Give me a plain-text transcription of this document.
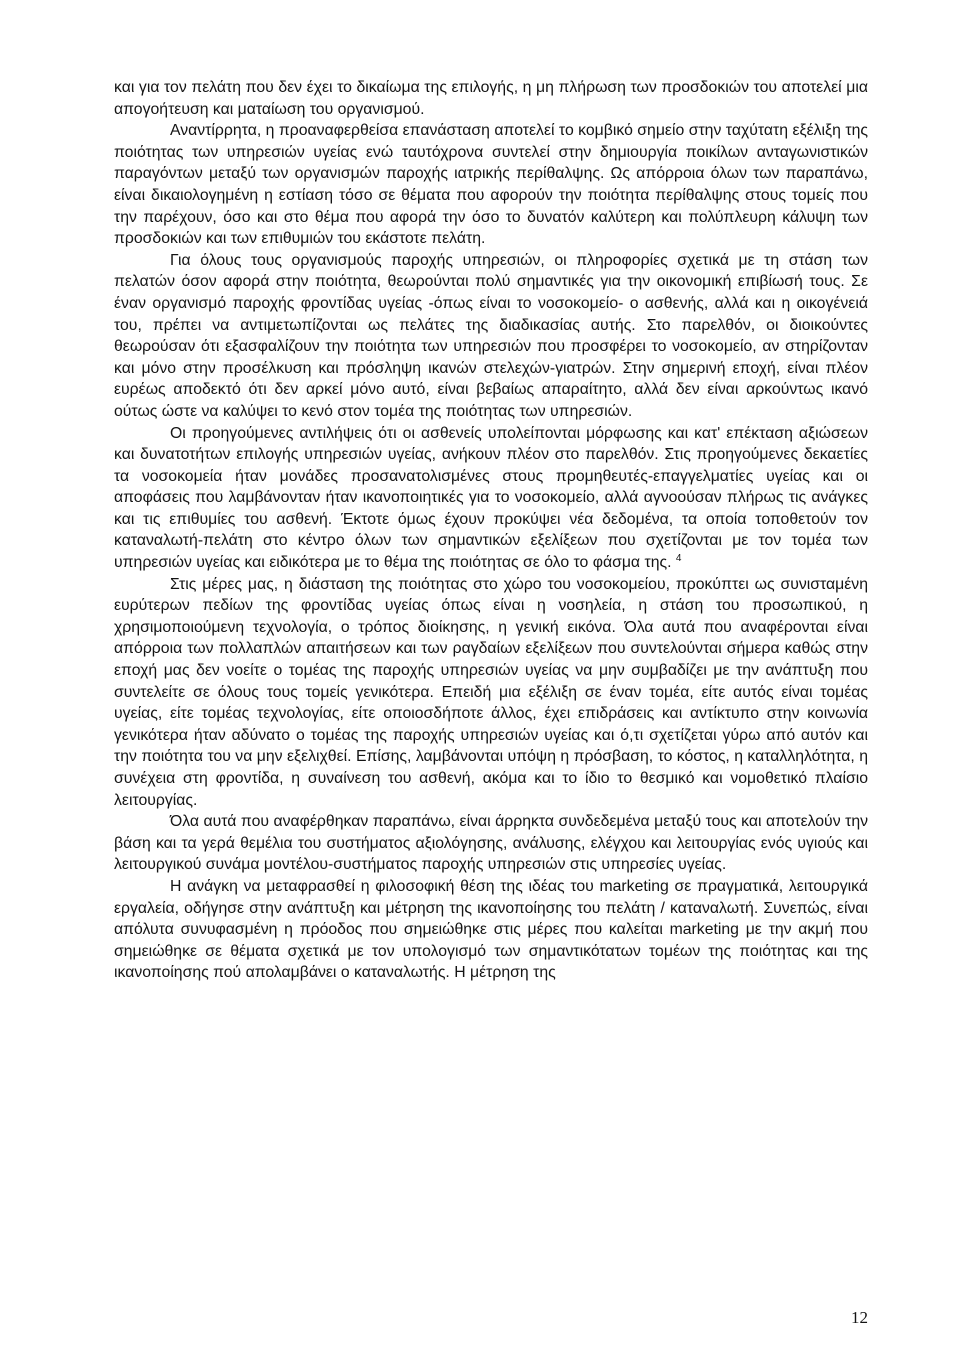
και για τον πελάτη που δεν έχει το δικαίωμα της επιλογής, η μη πλήρωση των προσδοκιών του αποτελεί μια απογοήτευση και ματαίωση του οργανισμού.

Αναντίρρητα, η προαναφερθείσα επανάσταση αποτελεί το κομβικό σημείο στην ταχύτατη εξέλιξη της ποιότητας των υπηρεσιών υγείας ενώ ταυτόχρονα συντελεί στην δημιουργία ποικίλων ανταγωνιστικών παραγόντων μεταξύ των οργανισμών παροχής ιατρικής περίθαλψης. Ως απόρροια όλων των παραπάνω, είναι δικαιολογημένη η εστίαση τόσο σε θέματα που αφορούν την ποιότητα περίθαλψης στους τομείς που την παρέχουν, όσο και στο θέμα που αφορά την όσο το δυνατόν καλύτερη και πολύπλευρη κάλυψη των προσδοκιών και των επιθυμιών του εκάστοτε πελάτη.

Για όλους τους οργανισμούς παροχής υπηρεσιών, οι πληροφορίες σχετικά με τη στάση των πελατών όσον αφορά στην ποιότητα, θεωρούνται πολύ σημαντικές για την οικονομική επιβίωσή τους. Σε έναν οργανισμό παροχής φροντίδας υγείας -όπως είναι το νοσοκομείο- ο ασθενής, αλλά και η οικογένειά του, πρέπει να αντιμετωπίζονται ως πελάτες της διαδικασίας αυτής. Στο παρελθόν, οι διοικούντες θεωρούσαν ότι εξασφαλίζουν την ποιότητα των υπηρεσιών που προσφέρει το νοσοκομείο, αν στηρίζονταν και μόνο στην προσέλκυση και πρόσληψη ικανών στελεχών-γιατρών. Στην σημερινή εποχή, είναι πλέον ευρέως αποδεκτό ότι δεν αρκεί μόνο αυτό, είναι βεβαίως απαραίτητο, αλλά δεν είναι αρκούντως ικανό ούτως ώστε να καλύψει το κενό στον τομέα της ποιότητας των υπηρεσιών.

Οι προηγούμενες αντιλήψεις ότι οι ασθενείς υπολείπονται μόρφωσης και κατ' επέκταση αξιώσεων και δυνατοτήτων επιλογής υπηρεσιών υγείας, ανήκουν πλέον στο παρελθόν. Στις προηγούμενες δεκαετίες τα νοσοκομεία ήταν μονάδες προσανατολισμένες στους προμηθευτές-επαγγελματίες υγείας και οι αποφάσεις που λαμβάνονταν ήταν ικανοποιητικές για το νοσοκομείο, αλλά αγνοούσαν πλήρως τις ανάγκες και τις επιθυμίες του ασθενή. Έκτοτε όμως έχουν προκύψει νέα δεδομένα, τα οποία τοποθετούν τον καταναλωτή-πελάτη στο κέντρο όλων των σημαντικών εξελίξεων που σχετίζονται με τον τομέα των υπηρεσιών υγείας και ειδικότερα με το θέμα της ποιότητας σε όλο το φάσμα της. $^4$

Στις μέρες μας, η διάσταση της ποιότητας στο χώρο του νοσοκομείου, προκύπτει ως συνισταμένη ευρύτερων πεδίων της φροντίδας υγείας όπως είναι η νοσηλεία, η στάση του προσωπικού, η χρησιμοποιούμενη τεχνολογία, ο τρόπος διοίκησης, η γενική εικόνα. Όλα αυτά που αναφέρονται είναι απόρροια των πολλαπλών απαιτήσεων και των ραγδαίων εξελίξεων που συντελούνται σήμερα καθώς στην εποχή μας δεν νοείτε ο τομέας της παροχής υπηρεσιών υγείας να μην συμβαδίζει με την ανάπτυξη που συντελείτε σε όλους τους τομείς γενικότερα. Επειδή μια εξέλιξη σε έναν τομέα, είτε αυτός είναι τομέας υγείας, είτε τομέας τεχνολογίας, είτε οποιοσδήποτε άλλος, έχει επιδράσεις και αντίκτυπο στην κοινωνία γενικότερα ήταν αδύνατο ο τομέας της παροχής υπηρεσιών υγείας και ό,τι σχετίζεται γύρω από αυτόν και την ποιότητα του να μην εξελιχθεί. Επίσης, λαμβάνονται υπόψη η πρόσβαση, το κόστος, η καταλληλότητα, η συνέχεια στη φροντίδα, η συναίνεση του ασθενή, ακόμα και το ίδιο το θεσμικό και νομοθετικό πλαίσιο λειτουργίας.

Όλα αυτά που αναφέρθηκαν παραπάνω, είναι άρρηκτα συνδεδεμένα μεταξύ τους και αποτελούν την βάση και τα γερά θεμέλια του συστήματος αξιολόγησης, ανάλυσης, ελέγχου και λειτουργίας ενός υγιούς και λειτουργικού συνάμα μοντέλου-συστήματος παροχής υπηρεσιών στις υπηρεσίες υγείας.

Η ανάγκη να μεταφρασθεί η φιλοσοφική θέση της ιδέας του marketing σε πραγματικά, λειτουργικά εργαλεία, οδήγησε στην ανάπτυξη και μέτρηση της ικανοποίησης του πελάτη / καταναλωτή. Συνεπώς, είναι απόλυτα συνυφασμένη η πρόοδος που σημειώθηκε στις μέρες που καλείται marketing με την ακμή που σημειώθηκε σε θέματα σχετικά με τον υπολογισμό των σημαντικότατων τομέων της ποιότητας και της ικανοποίησης πού απολαμβάνει ο καταναλωτής. Η μέτρηση της

12
